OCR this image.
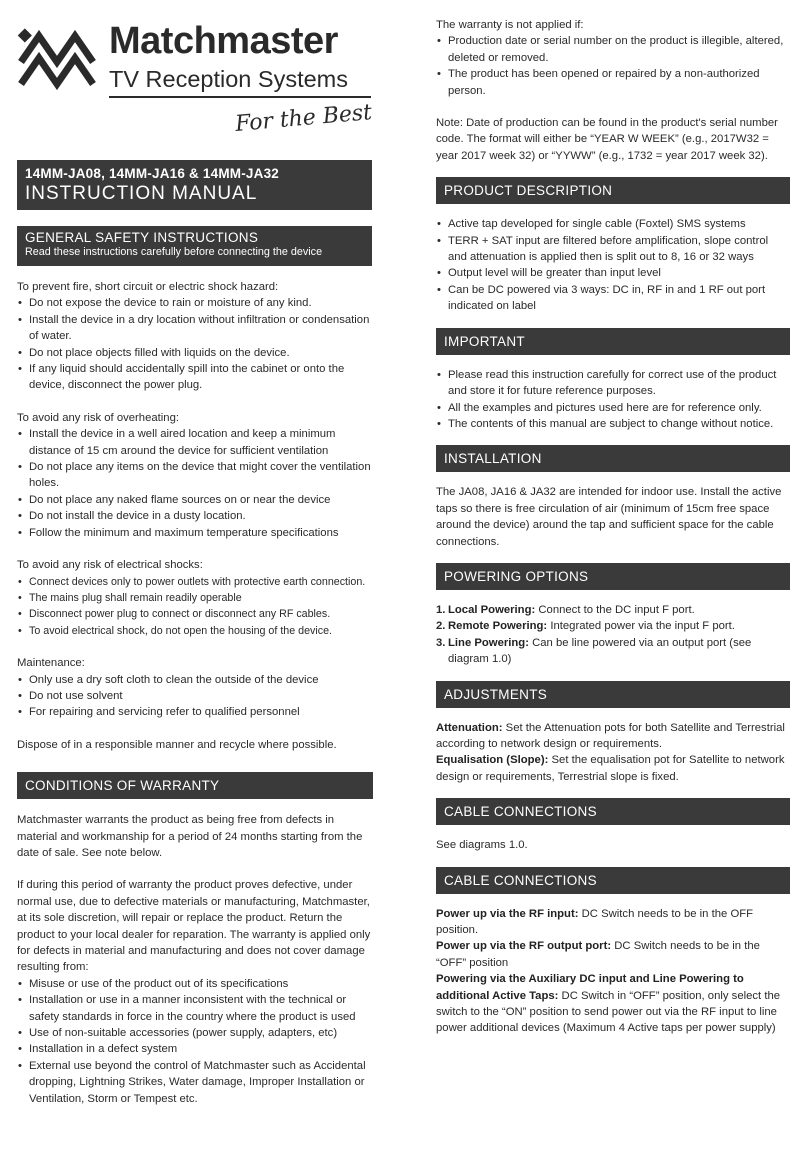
Matchmaster
TV Reception Systems
For the Best
14MM-JA08, 14MM-JA16 & 14MM-JA32
INSTRUCTION MANUAL
GENERAL SAFETY INSTRUCTIONS
Read these instructions carefully before connecting the device

To prevent fire, short circuit or electric shock hazard:

• Do not expose the device to rain or moisture of any kind.
• Install the device in a dry location without infiltration or condensation of water.
• Do not place objects filled with liquids on the device.
• If any liquid should accidentally spill into the cabinet or onto the device, disconnect the power plug.

To avoid any risk of overheating:

• Install the device in a well aired location and keep a minimum distance of 15 cm around the device for sufficient ventilation
• Do not place any items on the device that might cover the ventilation holes.
• Do not place any naked flame sources on or near the device
• Do not install the device in a dusty location.
• Follow the minimum and maximum temperature specifications

To avoid any risk of electrical shocks:

• Connect devices only to power outlets with protective earth connection.
• The mains plug shall remain readily operable
• Disconnect power plug to connect or disconnect any RF cables.
• To avoid electrical shock, do not open the housing of the device.

Maintenance:

• Only use a dry soft cloth to clean the outside of the device
• Do not use solvent
• For repairing and servicing refer to qualified personnel

Dispose of in a responsible manner and recycle where possible.

CONDITIONS OF WARRANTY

Matchmaster warrants the product as being free from defects in material and workmanship for a period of 24 months starting from the date of sale. See note below.

If during this period of warranty the product proves defective, under normal use, due to defective materials or manufacturing, Matchmaster, at its sole discretion, will repair or replace the product. Return the product to your local dealer for reparation. The warranty is applied only for defects in material and manufacturing and does not cover damage resulting from:

• Misuse or use of the product out of its specifications
• Installation or use in a manner inconsistent with the technical or safety standards in force in the country where the product is used
• Use of non-suitable accessories (power supply, adapters, etc)
• Installation in a defect system
• External use beyond the control of Matchmaster such as Accidental dropping, Lightning Strikes, Water damage, Improper Installation or Ventilation, Storm or Tempest etc.

The warranty is not applied if:

• Production date or serial number on the product is illegible, altered, deleted or removed.
• The product has been opened or repaired by a non-authorized person.

Note: Date of production can be found in the product's serial number code. The format will either be “YEAR W WEEK” (e.g., 2017W32 = year 2017 week 32) or “YYWW” (e.g., 1732 = year 2017 week 32).

PRODUCT DESCRIPTION
• Active tap developed for single cable (Foxtel) SMS systems
• TERR + SAT input are filtered before amplification, slope control and attenuation is applied then is split out to 8, 16 or 32 ways
• Output level will be greater than input level
• Can be DC powered via 3 ways: DC in, RF in and 1 RF out port indicated on label
IMPORTANT
• Please read this instruction carefully for correct use of the product and store it for future reference purposes.
• All the examples and pictures used here are for reference only.
• The contents of this manual are subject to change without notice.
INSTALLATION

The JA08, JA16 & JA32 are intended for indoor use. Install the active taps so there is free circulation of air (minimum of 15cm free space around the device) around the tap and sufficient space for the cable connections.

POWERING OPTIONS
1. Local Powering: Connect to the DC input F port.
2. Remote Powering: Integrated power via the input F port.
3. Line Powering: Can be line powered via an output port (see diagram 1.0)
ADJUSTMENTS

Attenuation: Set the Attenuation pots for both Satellite and Terrestrial according to network design or requirements.

Equalisation (Slope): Set the equalisation pot for Satellite to network design or requirements, Terrestrial slope is fixed.

CABLE CONNECTIONS

See diagrams 1.0.

CABLE CONNECTIONS

Power up via the RF input: DC Switch needs to be in the OFF position.

Power up via the RF output port: DC Switch needs to be in the “OFF” position

Powering via the Auxiliary DC input and Line Powering to additional Active Taps: DC Switch in “OFF” position, only select the switch to the “ON” position to send power out via the RF input to line power additional devices (Maximum 4 Active taps per power supply)
